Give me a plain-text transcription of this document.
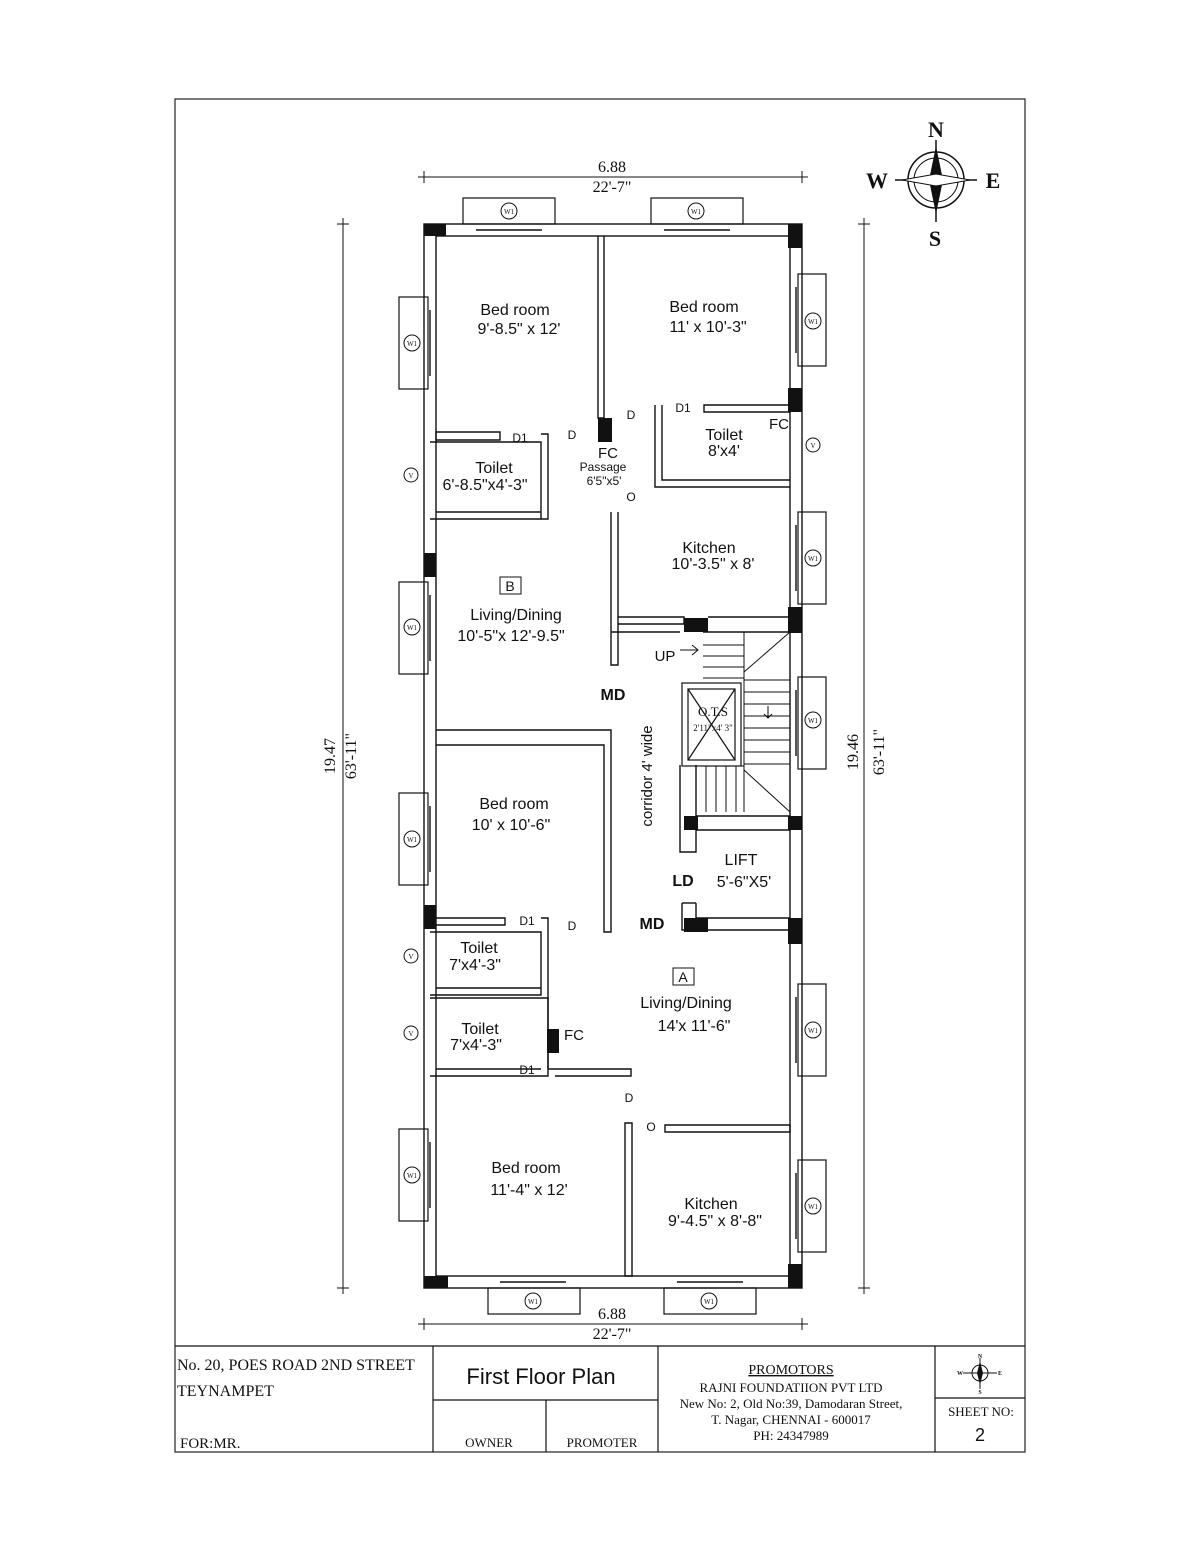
N
S
W	E
6.88
22'-7"
6.88
22'-7"
19.47 63'-11"	19.46 63'-11"
W1	W1
W1	W1
W1
W1
W1
W1
W1
W1
W1
W1
W1
V
V
V
V
Bed room
9'-8.5" x 12'
Bed room
11' x 10'-3"
Toilet
6'-8.5"x4'-3"
Toilet
8'x4'
Kitchen
10'-3.5" x 8'
Living/Dining
10'-5"x 12'-9.5"
Bed room
10' x 10'-6"
Toilet
7'x4'-3"
Toilet
7'x4'-3"
Living/Dining
14'x 11'-6"
Bed room
11'-4" x 12'
Kitchen
9'-4.5" x 8'-8"
LIFT
5'-6"X5'
Passage
6'5"x5'
O.T.S
2'11"x4' 3"
corridor 4' wide
B
A
D
D
D1
D1
D
D1
D1
D
O
O
FC
FC
FC
UP
MD
MD
LD
No. 20, POES ROAD 2ND STREET
TEYNAMPET
FOR:MR.
First Floor Plan
OWNER	PROMOTER
PROMOTORS
RAJNI FOUNDATIION PVT LTD
New No: 2, Old No:39, Damodaran Street,
T. Nagar, CHENNAI - 600017
PH: 24347989
N
S
W	E
SHEET NO:
2
